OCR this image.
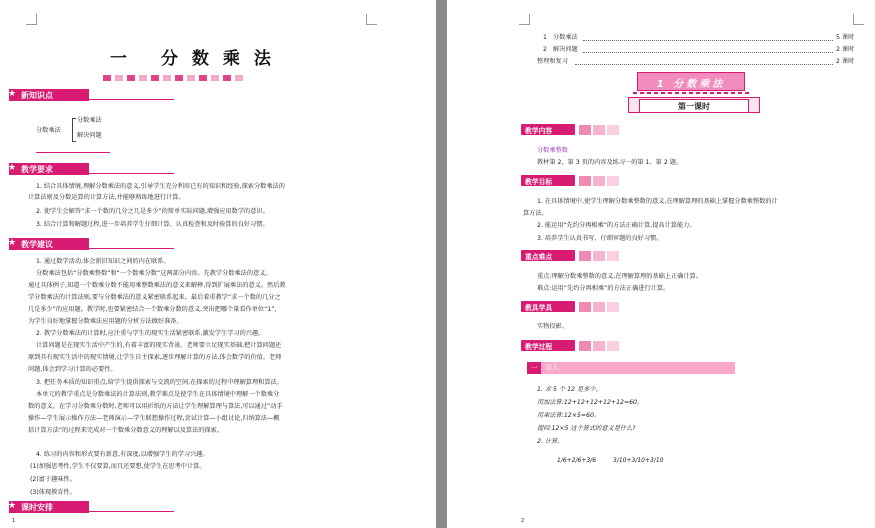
一 分数乘法
★ 新知识点
分数乘法
分数乘法
解决问题
★ 教学要求
1. 结合具体情境,理解分数乘法的意义,引导学生充分利用已有的知识和经验,探索分数乘法的
计算法则及分数运算的计算方法,并能够熟练地进行计算。
2. 使学生会解答“求一个数的几分之几是多少”的简单实际问题,增强应用数学的意识。
3. 结合计算和解题过程,进一步培养学生仔细计算、认真检查和及时验算的良好习惯。
★ 教学建议
1. 通过数学活动,体会新旧知识之间的内在联系。
分数乘法包括“分数乘整数”和“一个数乘分数”这两部分内容。先教学分数乘法的意义,
通过具体例子,知道一个数乘分数不能用乘整数乘法的意义来解释,得到扩展乘法的意义。然后教
学分数乘法的计算法则,要与分数乘法的意义紧密联系起来。最后着重教学“求一个数的几分之
几是多少”的应用题。教学时,也要紧密结合一个数乘分数的意义,突出把哪个量看作单位“1”,
为学生良好地掌握分数乘法应用题的分析方法做好准备。
2. 教学分数乘法的计算时,应注重与学生的现实生活紧密联系,激发学生学习的兴趣。
计算问题是在现实生活中产生的,有着丰富的现实背景。老师要立足现实基础,把计算问题还
原到具有现实生活中的现实情境,让学生自主探索,逐步理解计算的方法,体会数学的价值。老师
问题,体会到学习计算的必要性。
3. 把任务本质的知识重点,给学生提供探索与交流的空间,在探索的过程中理解算理和算法。
本单元的教学重点是分数乘法的计算法则,教学难点是使学生在具体情境中理解一个数乘分
数的意义。在学习分数乘分数时,老师可以用折纸的方法让学生理解算理与算法,可以通过“动手
操作—学生展示操作方法—老师演示—学生联想操作过程,尝试计算—小组讨论,归纳算法—概
括计算方法”的过程来完成对一个数乘分数意义的理解以及算法的探索。
4. 练习的内容和形式要有新意,有深度,以增强学生的学习兴趣。
(1)加强思考性,学生不仅要算,而且还要想,使学生在思考中计算。
(2)富于趣味性。
(3)体现教育性。
★ 课时安排
1
1 分数乘法	5 课时
2 解决问题	2 课时
整理和复习	2 课时
1 分数乘法
第一课时
教学内容
分数乘整数
教材第 2、第 3 页的内容及练习一的第 1、第 2 题。
教学目标
1. 在具体情境中,使学生理解分数乘整数的意义,在理解算理的基础上掌握分数乘整数的计
算方法。
2. 能运用“先约分再相乘”的方法正确计算,提高计算能力。
3. 培养学生认真书写、仔细审题的良好习惯。
重点难点
重点:理解分数乘整数的意义,在理解算理的基础上正确计算。
难点:运用“先约分再相乘”的方法正确进行计算。
教具学具
实物投影。
教学过程
一	导入
1. 求 5 个 12 是多少。
用加法算:12+12+12+12+12=60。
用乘法算:12×5=60。
提问:12×5 这个算式的意义是什么?
2. 计算。
1/6+2/6+3/6	3/10+3/10+3/10
2
